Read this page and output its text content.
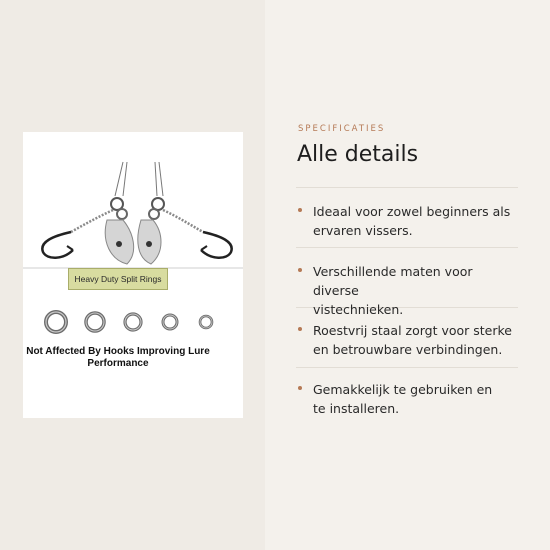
Heavy Duty Split Rings
Not Affected By Hooks Improving Lure Performance
SPECIFICATIES
Alle details
Ideaal voor zowel beginners als
ervaren vissers.
Verschillende maten voor diverse
vistechnieken.
Roestvrij staal zorgt voor sterke
en betrouwbare verbindingen.
Gemakkelijk te gebruiken en
te installeren.
